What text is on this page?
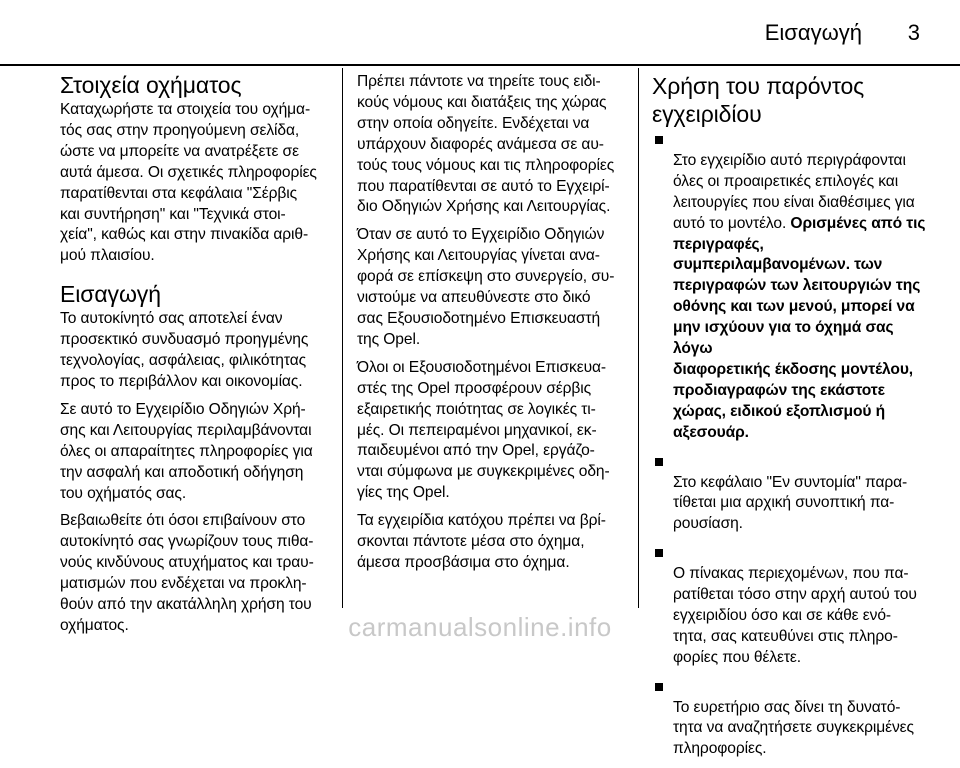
Εισαγωγή 3
Στοιχεία οχήματος

Καταχωρήστε τα στοιχεία του οχήμα-
τός σας στην προηγούμενη σελίδα,
ώστε να μπορείτε να ανατρέξετε σε
αυτά άμεσα. Οι σχετικές πληροφορίες
παρατίθενται στα κεφάλαια "Σέρβις
και συντήρηση" και "Τεχνικά στοι-
χεία", καθώς και στην πινακίδα αριθ-
μού πλαισίου.

Εισαγωγή

Το αυτοκίνητό σας αποτελεί έναν
προσεκτικό συνδυασμό προηγμένης
τεχνολογίας, ασφάλειας, φιλικότητας
προς το περιβάλλον και οικονομίας.

Σε αυτό το Εγχειρίδιο Οδηγιών Χρή-
σης και Λειτουργίας περιλαμβάνονται
όλες οι απαραίτητες πληροφορίες για
την ασφαλή και αποδοτική οδήγηση
του οχήματός σας.

Βεβαιωθείτε ότι όσοι επιβαίνουν στο
αυτοκίνητό σας γνωρίζουν τους πιθα-
νούς κινδύνους ατυχήματος και τραυ-
ματισμών που ενδέχεται να προκλη-
θούν από την ακατάλληλη χρήση του
οχήματος.

Πρέπει πάντοτε να τηρείτε τους ειδι-
κούς νόμους και διατάξεις της χώρας
στην οποία οδηγείτε. Ενδέχεται να
υπάρχουν διαφορές ανάμεσα σε αυ-
τούς τους νόμους και τις πληροφορίες
που παρατίθενται σε αυτό το Εγχειρί-
διο Οδηγιών Χρήσης και Λειτουργίας.

Όταν σε αυτό το Εγχειρίδιο Οδηγιών
Χρήσης και Λειτουργίας γίνεται ανα-
φορά σε επίσκεψη στο συνεργείο, συ-
νιστούμε να απευθύνεστε στο δικό
σας Εξουσιοδοτημένο Επισκευαστή
της Opel.

Όλοι οι Εξουσιοδοτημένοι Επισκευα-
στές της Opel προσφέρουν σέρβις
εξαιρετικής ποιότητας σε λογικές τι-
μές. Οι πεπειραμένοι μηχανικοί, εκ-
παιδευμένοι από την Opel, εργάζο-
νται σύμφωνα με συγκεκριμένες οδη-
γίες της Opel.

Τα εγχειρίδια κατόχου πρέπει να βρί-
σκονται πάντοτε μέσα στο όχημα,
άμεσα προσβάσιμα στο όχημα.

Χρήση του παρόντος
εγχειριδίου

Στο εγχειρίδιο αυτό περιγράφονται
όλες οι προαιρετικές επιλογές και
λειτουργίες που είναι διαθέσιμες για
αυτό το μοντέλο. Ορισμένες από τις
περιγραφές,
συμπεριλαμβανομένων. των
περιγραφών των λειτουργιών της
οθόνης και των μενού, μπορεί να
μην ισχύουν για το όχημά σας λόγω
διαφορετικής έκδοσης μοντέλου,
προδιαγραφών της εκάστοτε
χώρας, ειδικού εξοπλισμού ή
αξεσουάρ.

Στο κεφάλαιο "Εν συντομία" παρα-
τίθεται μια αρχική συνοπτική πα-
ρουσίαση.

Ο πίνακας περιεχομένων, που πα-
ρατίθεται τόσο στην αρχή αυτού του
εγχειριδίου όσο και σε κάθε ενό-
τητα, σας κατευθύνει στις πληρο-
φορίες που θέλετε.

Το ευρετήριο σας δίνει τη δυνατό-
τητα να αναζητήσετε συγκεκριμένες
πληροφορίες.

carmanualsonline.info
